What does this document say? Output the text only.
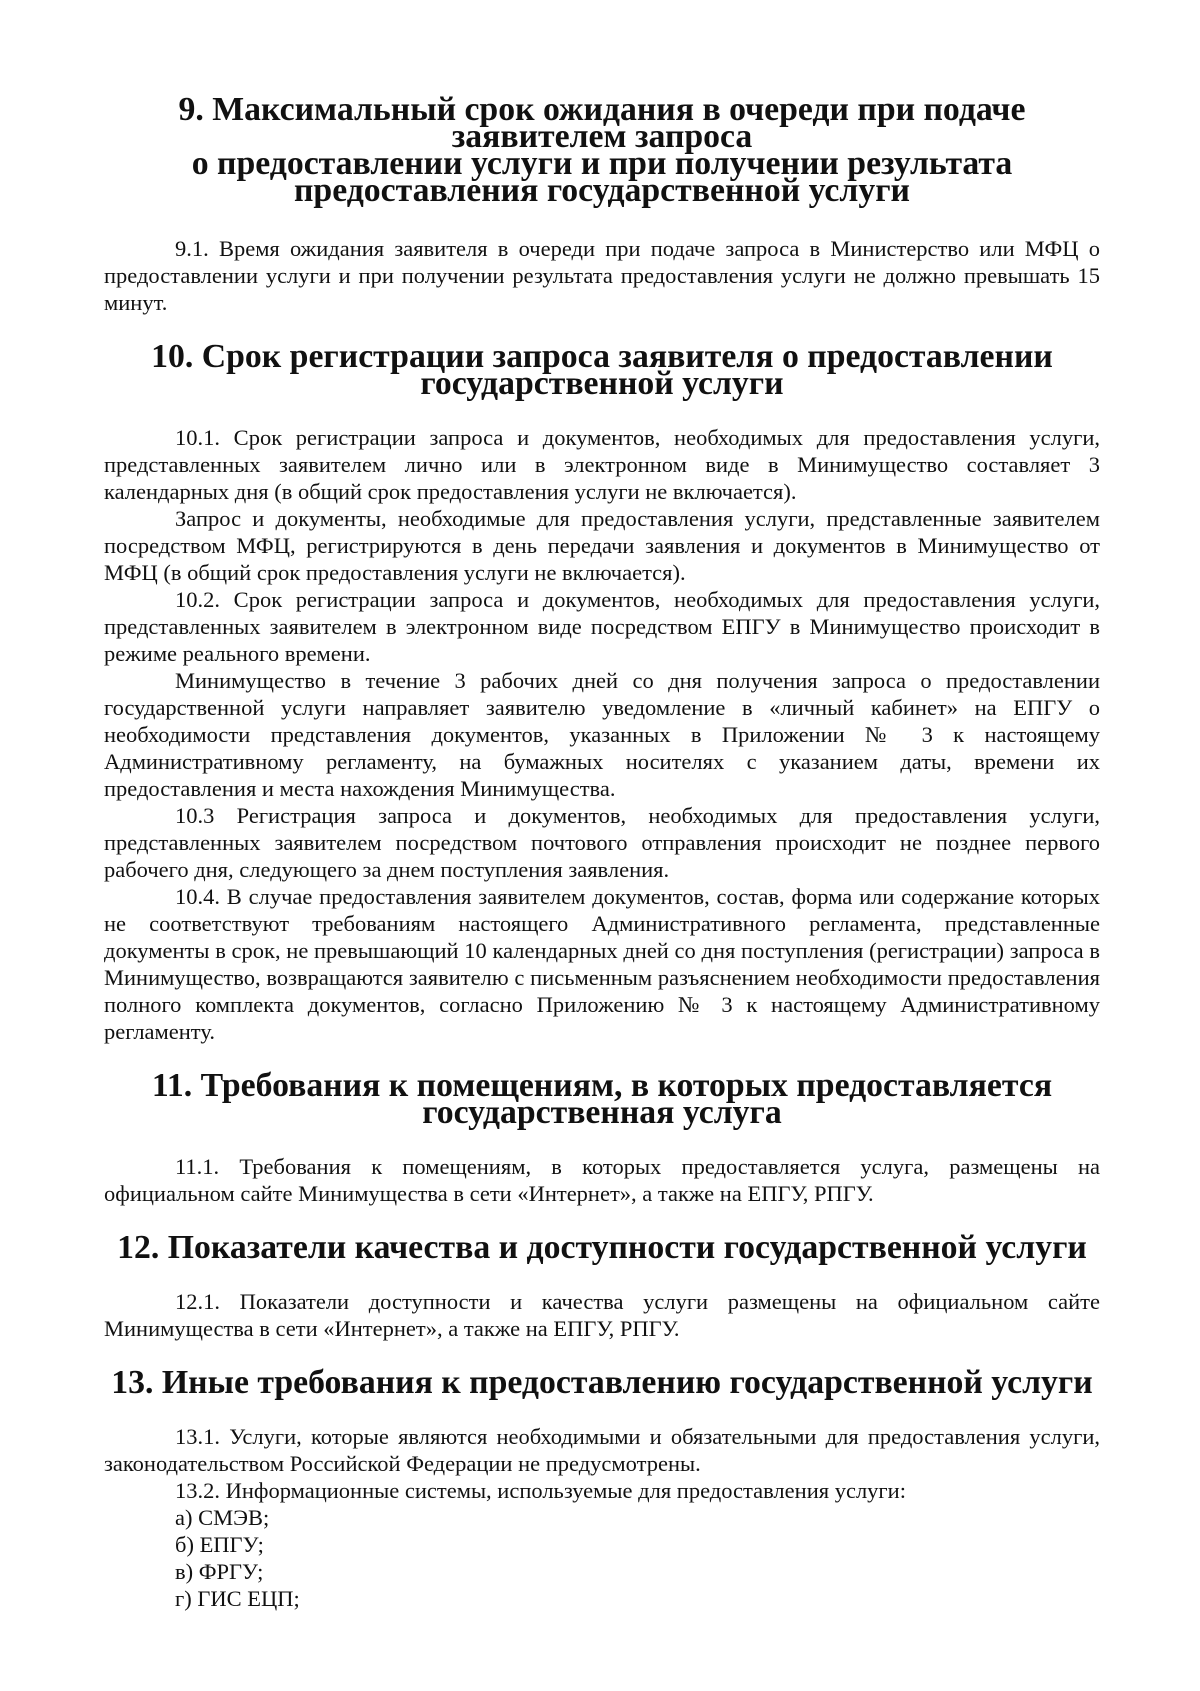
9. Максимальный срок ожидания в очереди при подаче заявителем запроса
о предоставлении услуги и при получении результата
предоставления государственной услуги

9.1. Время ожидания заявителя в очереди при подаче запроса в Министерство или МФЦ о предоставлении услуги и при получении результата предоставления услуги не должно превышать 15 минут.

10. Срок регистрации запроса заявителя о предоставлении государственной услуги

10.1. Срок регистрации запроса и документов, необходимых для предоставления услуги, представленных заявителем лично или в электронном виде в Минимущество составляет 3 календарных дня (в общий срок предоставления услуги не включается).

Запрос и документы, необходимые для предоставления услуги, представленные заявителем посредством МФЦ, регистрируются в день передачи заявления и документов в Минимущество от МФЦ (в общий срок предоставления услуги не включается).

10.2. Срок регистрации запроса и документов, необходимых для предоставления услуги, представленных заявителем в электронном виде посредством ЕПГУ в Минимущество происходит в режиме реального времени.

Минимущество в течение 3 рабочих дней со дня получения запроса о предоставлении государственной услуги направляет заявителю уведомление в «личный кабинет» на ЕПГУ о необходимости представления документов, указанных в Приложении № 3 к настоящему Административному регламенту, на бумажных носителях с указанием даты, времени их предоставления и места нахождения Минимущества.

10.3 Регистрация запроса и документов, необходимых для предоставления услуги, представленных заявителем посредством почтового отправления происходит не позднее первого рабочего дня, следующего за днем поступления заявления.

10.4. В случае предоставления заявителем документов, состав, форма или содержание которых не соответствуют требованиям настоящего Административного регламента, представленные документы в срок, не превышающий 10 календарных дней со дня поступления (регистрации) запроса в Минимущество, возвращаются заявителю с письменным разъяснением необходимости предоставления полного комплекта документов, согласно Приложению № 3 к настоящему Административному регламенту.

11. Требования к помещениям, в которых предоставляется государственная услуга

11.1. Требования к помещениям, в которых предоставляется услуга, размещены на официальном сайте Минимущества в сети «Интернет», а также на ЕПГУ, РПГУ.

12. Показатели качества и доступности государственной услуги

12.1. Показатели доступности и качества услуги размещены на официальном сайте Минимущества в сети «Интернет», а также на ЕПГУ, РПГУ.

13. Иные требования к предоставлению государственной услуги

13.1. Услуги, которые являются необходимыми и обязательными для предоставления услуги, законодательством Российской Федерации не предусмотрены.

13.2. Информационные системы, используемые для предоставления услуги:

а) СМЭВ;

б) ЕПГУ;

в) ФРГУ;

г) ГИС ЕЦП;
